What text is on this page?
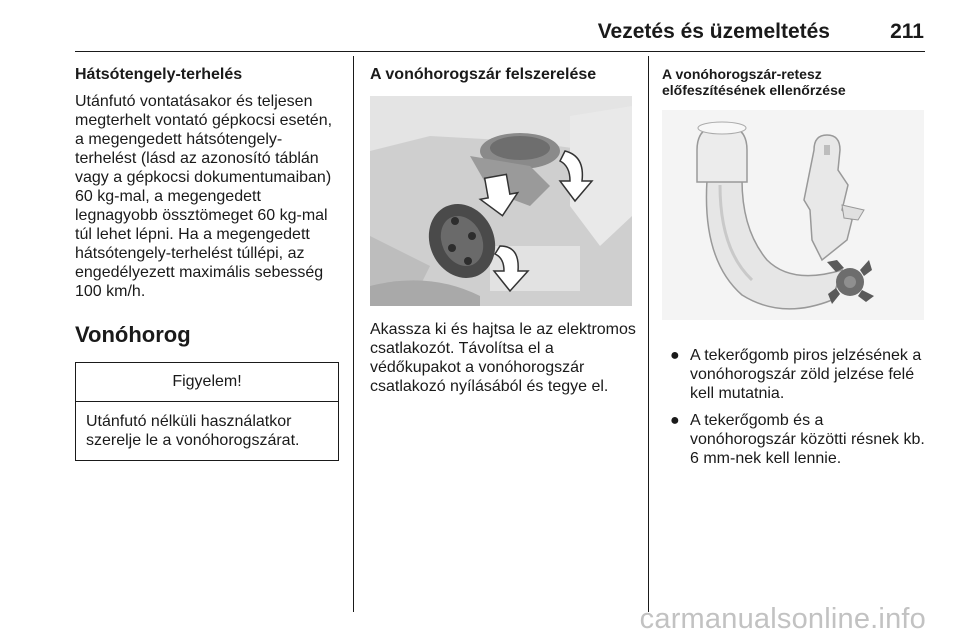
Vezetés és üzemeltetés	211
Hátsótengely-terhelés
Utánfutó vontatásakor és teljesen
megterhelt vontató gépkocsi esetén,
a megengedett hátsótengely-
terhelést (lásd az azonosító táblán
vagy a gépkocsi dokumentumaiban)
60 kg-mal, a megengedett
legnagyobb össztömeget 60 kg-mal
túl lehet lépni. Ha a megengedett
hátsótengely-terhelést túllépi, az
engedélyezett maximális sebesség
100 km/h.
Vonóhorog
Figyelem!
Utánfutó nélküli használatkor
szerelje le a vonóhorogszárat.
A vonóhorogszár felszerelése
Akassza ki és hajtsa le az elektromos
csatlakozót. Távolítsa el a
védőkupakot a vonóhorogszár
csatlakozó nyílásából és tegye el.
A vonóhorogszár-retesz
előfeszítésének ellenőrzése
● A tekerőgomb piros jelzésének a
vonóhorogszár zöld jelzése felé
kell mutatnia.
● A tekerőgomb és a
vonóhorogszár közötti résnek kb.
6 mm-nek kell lennie.
carmanualsonline.info
